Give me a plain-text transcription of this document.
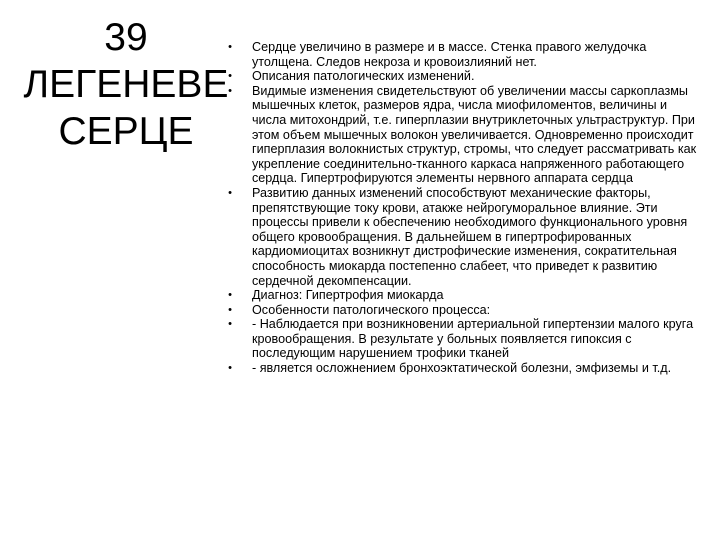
39
ЛЕГЕНЕВЕ
СЕРЦЕ
•	Сердце увеличино в размере и в массе. Стенка правого желудочка утолщена. Следов некроза и кровоизлияний нет.
•	Описания патологических изменений.
•	Видимые изменения свидетельствуют об увеличении массы саркоплазмы мышечных клеток, размеров ядра, числа миофиломентов, величины и числа митохондрий, т.е. гиперплазии внутриклеточных ультраструктур. При этом объем мышечных волокон увеличивается. Одновременно происходит гиперплазия волокнистых структур, стромы, что следует рассматривать как укрепление соединительно-тканного каркаса напряженного работающего сердца. Гипертрофируются элементы нервного аппарата сердца
•	Развитию данных изменений способствуют механические факторы, препятствующие току крови, атакже нейрогуморальное влияние. Эти процессы привели к обеспечению необходимого функционального уровня общего кровообращения. В дальнейшем в гипертрофированных кардиомиоцитах возникнут дистрофические изменения, сократительная способность миокарда постепенно слабеет, что приведет к развитию сердечной декомпенсации.
•	Диагноз: Гипертрофия миокарда
•	Особенности патологического процесса:
•	- Наблюдается при возникновении артериальной гипертензии малого круга кровообращения. В результате у больных появляется гипоксия с последующим нарушением трофики тканей
•	- является осложнением бронхоэктатической болезни, эмфиземы и т.д.
